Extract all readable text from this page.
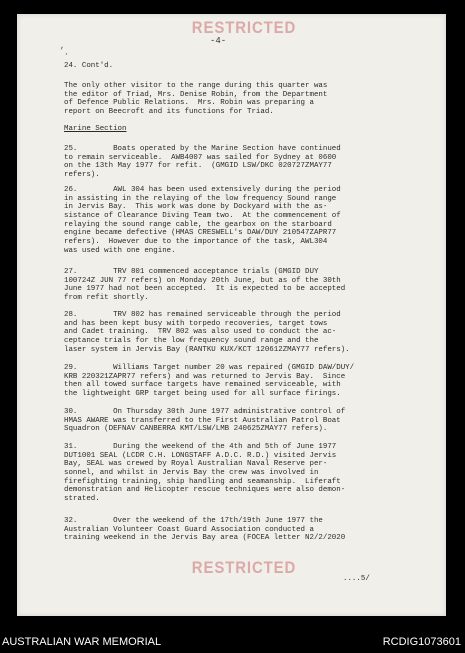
RESTRICTED
-4-
,
·
24. Cont'd.
The only other visitor to the range during this quarter was
the editor of Triad, Mrs. Denise Robin, from the Department
of Defence Public Relations.  Mrs. Robin was preparing a
report on Beecroft and its functions for Triad.
Marine Section
25.        Boats operated by the Marine Section have continued
to remain serviceable.  AWB4007 was sailed for Sydney at 0600
on the 13th May 1977 for refit.  (GMGID LSW/DKC 020727ZMAY77
refers).
26.        AWL 304 has been used extensively during the period
in assisting in the relaying of the low frequency Sound range
in Jervis Bay.  This work was done by Dockyard with the as-
sistance of Clearance Diving Team two.  At the commencement of
relaying the sound range cable, the gearbox on the starboard
engine became defective (HMAS CRESWELL's DAW/DUY 210547ZAPR77
refers).  However due to the importance of the task, AWL304
was used with one engine.
27.        TRV 801 commenced acceptance trials (GMGID DUY
100724Z JUN 77 refers) on Monday 20th June, but as of the 30th
June 1977 had not been accepted.  It is expected to be accepted
from refit shortly.
28.        TRV 802 has remained serviceable through the period
and has been kept busy with torpedo recoveries, target tows
and Cadet training.  TRV 802 was also used to conduct the ac-
ceptance trials for the low frequency sound range and the
laser system in Jervis Bay (RANTKU KUX/KCT 120612ZMAY77 refers).
29.        Williams Target number 20 was repaired (GMGID DAW/DUY/
KRB 220321ZAPR77 refers) and was returned to Jervis Bay.  Since
then all towed surface targets have remained serviceable, with
the lightweight GRP target being used for all surface firings.
30.        On Thursday 30th June 1977 administrative control of
HMAS AWARE was transferred to the First Australian Patrol Boat
Squadron (DEFNAV CANBERRA KMT/LSW/LMB 240625ZMAY77 refers).
31.        During the weekend of the 4th and 5th of June 1977
DUT1001 SEAL (LCDR C.H. LONGSTAFF A.D.C. R.D.) visited Jervis
Bay, SEAL was crewed by Royal Australian Naval Reserve per-
sonnel, and whilst in Jervis Bay the crew was involved in
firefighting training, ship handling and seamanship.  Liferaft
demonstration and Helicopter rescue techniques were also demon-
strated.
32.        Over the weekend of the 17th/19th June 1977 the
Australian Volunteer Coast Guard Association conducted a
training weekend in the Jervis Bay area (FOCEA letter N2/2/2020
RESTRICTED
....5/
AUSTRALIAN WAR MEMORIAL	RCDIG1073601
